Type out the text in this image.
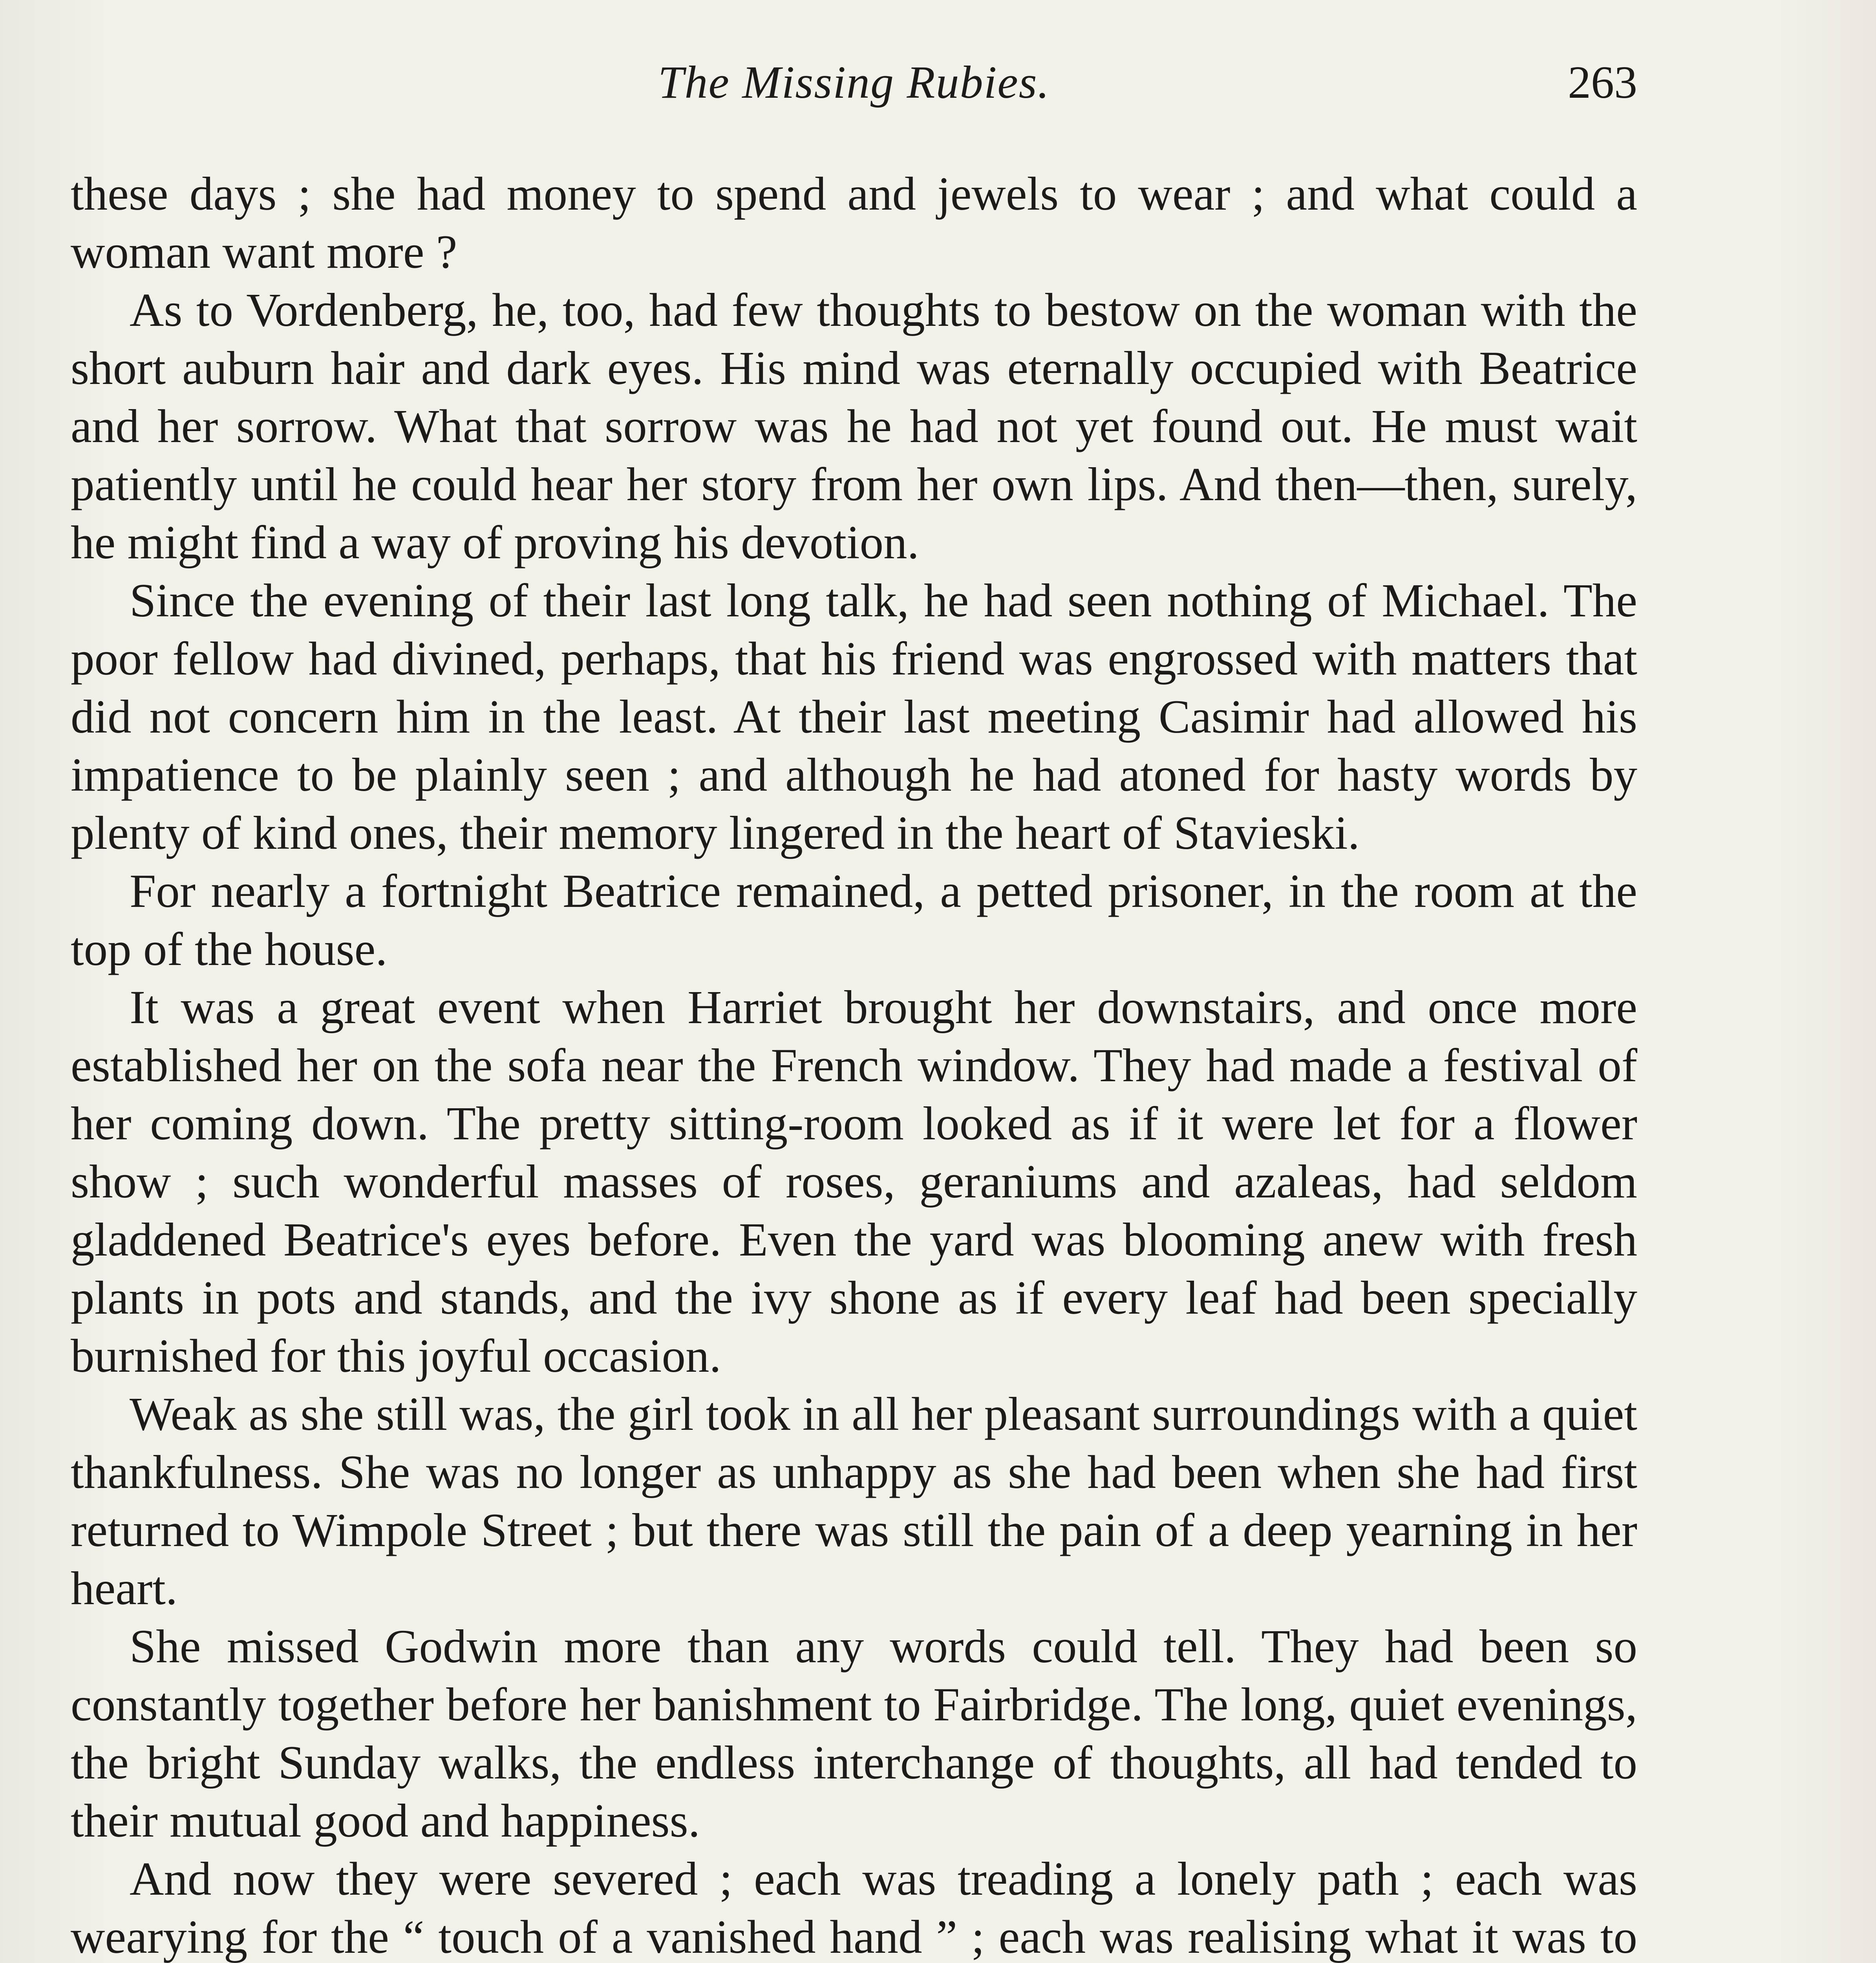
The Missing Rubies.	263

these days ; she had money to spend and jewels to wear ; and what could a woman want more ?

As to Vordenberg, he, too, had few thoughts to bestow on the woman with the short auburn hair and dark eyes. His mind was eternally occupied with Beatrice and her sorrow. What that sorrow was he had not yet found out. He must wait patiently until he could hear her story from her own lips. And then—then, surely, he might find a way of proving his devotion.

Since the evening of their last long talk, he had seen nothing of Michael. The poor fellow had divined, perhaps, that his friend was engrossed with matters that did not concern him in the least. At their last meeting Casimir had allowed his impatience to be plainly seen ; and although he had atoned for hasty words by plenty of kind ones, their memory lingered in the heart of Stavieski.

For nearly a fortnight Beatrice remained, a petted prisoner, in the room at the top of the house.

It was a great event when Harriet brought her downstairs, and once more established her on the sofa near the French window. They had made a festival of her coming down. The pretty sitting-room looked as if it were let for a flower show ; such wonderful masses of roses, geraniums and azaleas, had seldom gladdened Beatrice's eyes before. Even the yard was blooming anew with fresh plants in pots and stands, and the ivy shone as if every leaf had been specially burnished for this joyful occasion.

Weak as she still was, the girl took in all her pleasant surroundings with a quiet thankfulness. She was no longer as unhappy as she had been when she had first returned to Wimpole Street ; but there was still the pain of a deep yearning in her heart.

She missed Godwin more than any words could tell. They had been so constantly together before her banishment to Fairbridge. The long, quiet evenings, the bright Sunday walks, the endless interchange of thoughts, all had tended to their mutual good and happiness.

And now they were severed ; each was treading a lonely path ; each was wearying for the “ touch of a vanished hand ” ; each was realising what it was to
